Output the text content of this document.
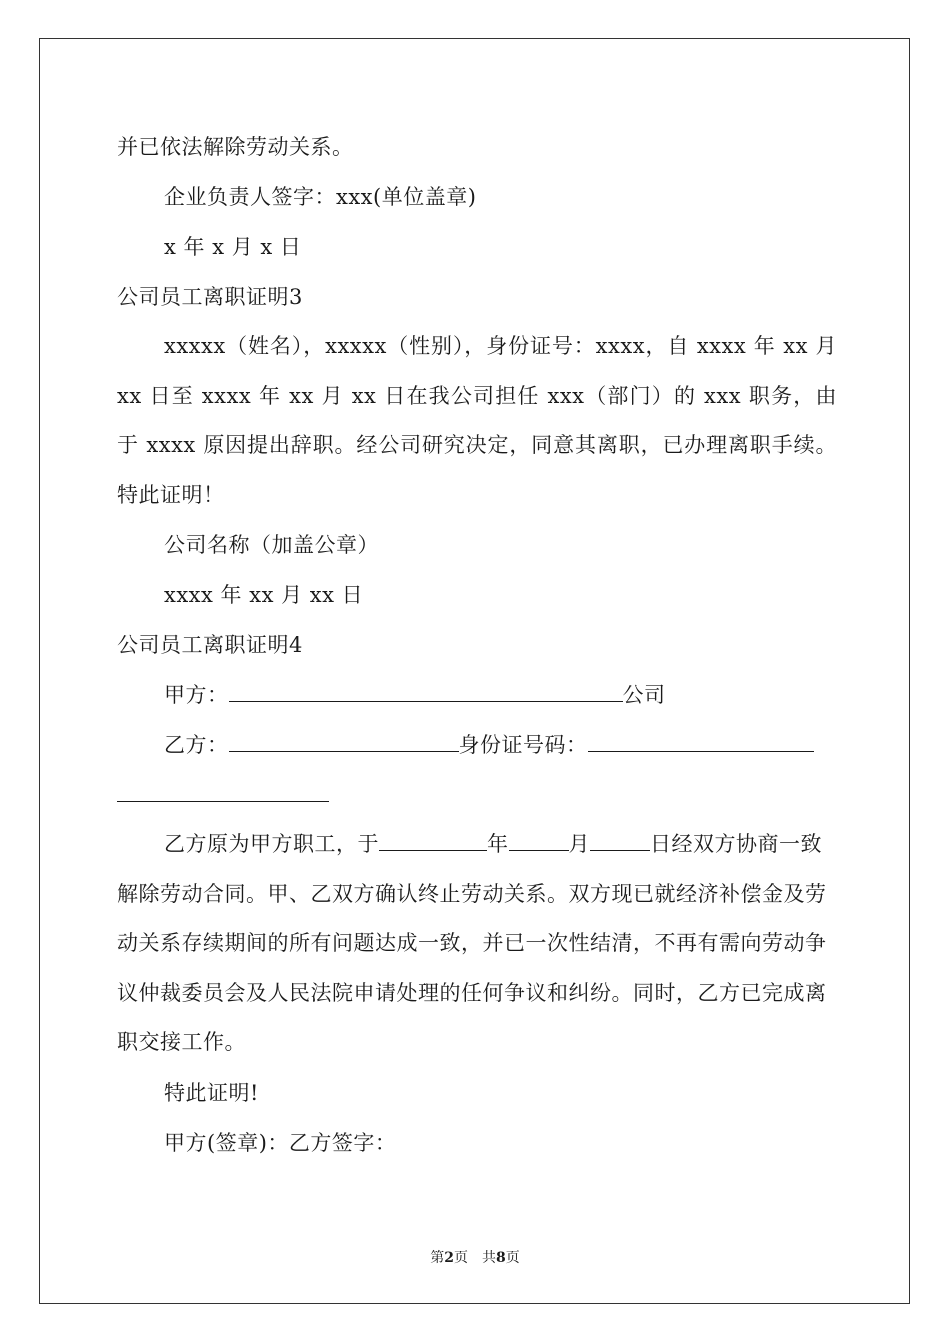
并已依法解除劳动关系。
企业负责人签字：xxx(单位盖章)
x 年 x 月 x 日
公司员工离职证明3
xxxxx（姓名），xxxxx（性别），身份证号：xxxx，自 xxxx 年 xx 月 xx 日至 xxxx 年 xx 月 xx 日在我公司担任 xxx（部门）的 xxx 职务，由于 xxxx 原因提出辞职。经公司研究决定，同意其离职，已办理离职手续。特此证明！
公司名称（加盖公章）
xxxx 年 xx 月 xx 日
公司员工离职证明4
甲方：	公司
乙方：	身份证号码：
乙方原为甲方职工，于	年	月	日经双方协商一致解除劳动合同。甲、乙双方确认终止劳动关系。双方现已就经济补偿金及劳动关系存续期间的所有问题达成一致，并已一次性结清，不再有需向劳动争议仲裁委员会及人民法院申请处理的任何争议和纠纷。同时，乙方已完成离职交接工作。
特此证明!
甲方(签章)：乙方签字：
第2页　共8页
